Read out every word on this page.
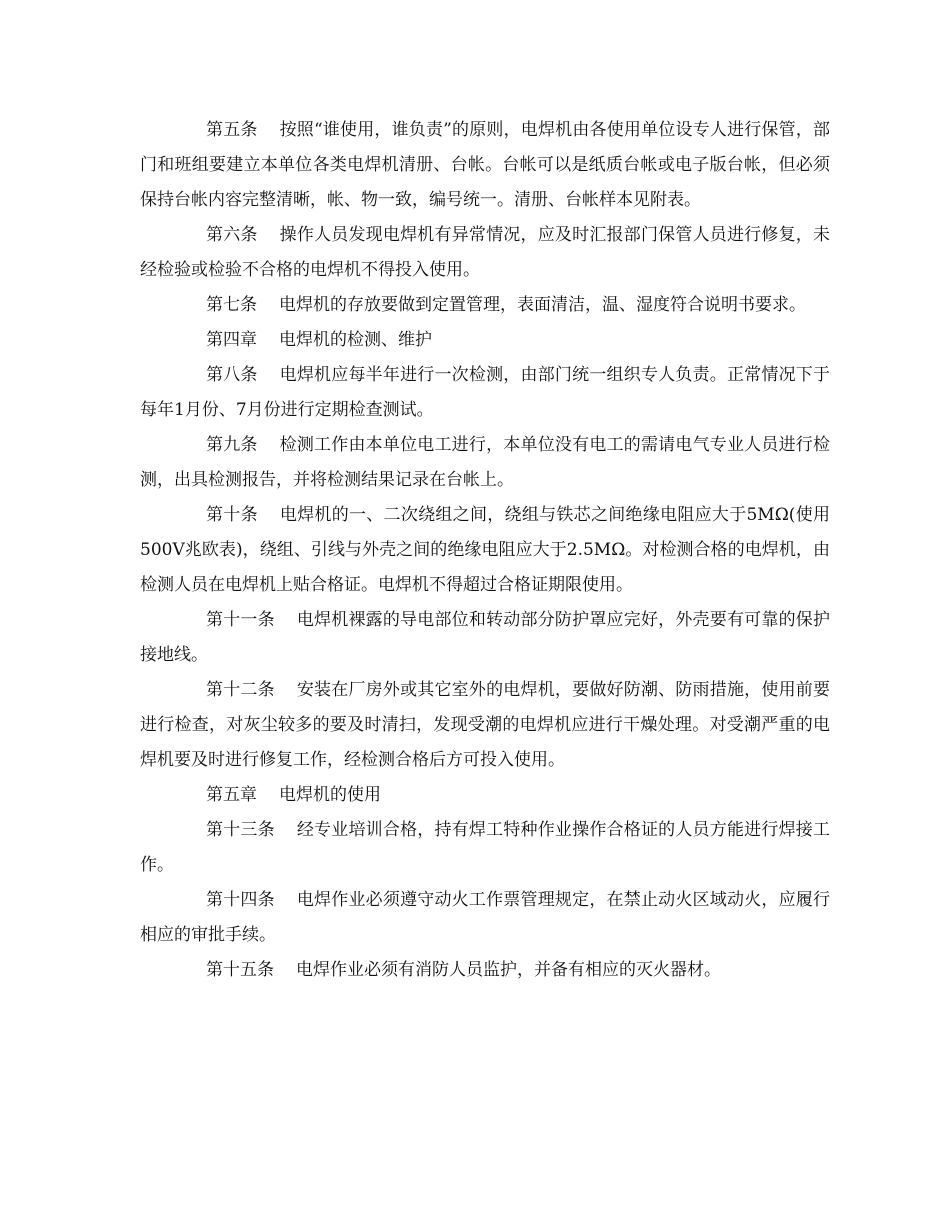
第五条 按照“谁使用，谁负责”的原则，电焊机由各使用单位设专人进行保管，部门和班组要建立本单位各类电焊机清册、台帐。台帐可以是纸质台帐或电子版台帐，但必须保持台帐内容完整清晰，帐、物一致，编号统一。清册、台帐样本见附表。

第六条 操作人员发现电焊机有异常情况，应及时汇报部门保管人员进行修复，未经检验或检验不合格的电焊机不得投入使用。

第七条 电焊机的存放要做到定置管理，表面清洁，温、湿度符合说明书要求。

第四章 电焊机的检测、维护

第八条 电焊机应每半年进行一次检测，由部门统一组织专人负责。正常情况下于每年1月份、7月份进行定期检查测试。

第九条 检测工作由本单位电工进行，本单位没有电工的需请电气专业人员进行检测，出具检测报告，并将检测结果记录在台帐上。

第十条 电焊机的一、二次绕组之间，绕组与铁芯之间绝缘电阻应大于5MΩ(使用500V兆欧表)，绕组、引线与外壳之间的绝缘电阻应大于2.5MΩ。对检测合格的电焊机，由检测人员在电焊机上贴合格证。电焊机不得超过合格证期限使用。

第十一条 电焊机裸露的导电部位和转动部分防护罩应完好，外壳要有可靠的保护接地线。

第十二条 安装在厂房外或其它室外的电焊机，要做好防潮、防雨措施，使用前要进行检查，对灰尘较多的要及时清扫，发现受潮的电焊机应进行干燥处理。对受潮严重的电焊机要及时进行修复工作，经检测合格后方可投入使用。

第五章 电焊机的使用

第十三条 经专业培训合格，持有焊工特种作业操作合格证的人员方能进行焊接工作。

第十四条 电焊作业必须遵守动火工作票管理规定，在禁止动火区域动火，应履行相应的审批手续。

第十五条 电焊作业必须有消防人员监护，并备有相应的灭火器材。
